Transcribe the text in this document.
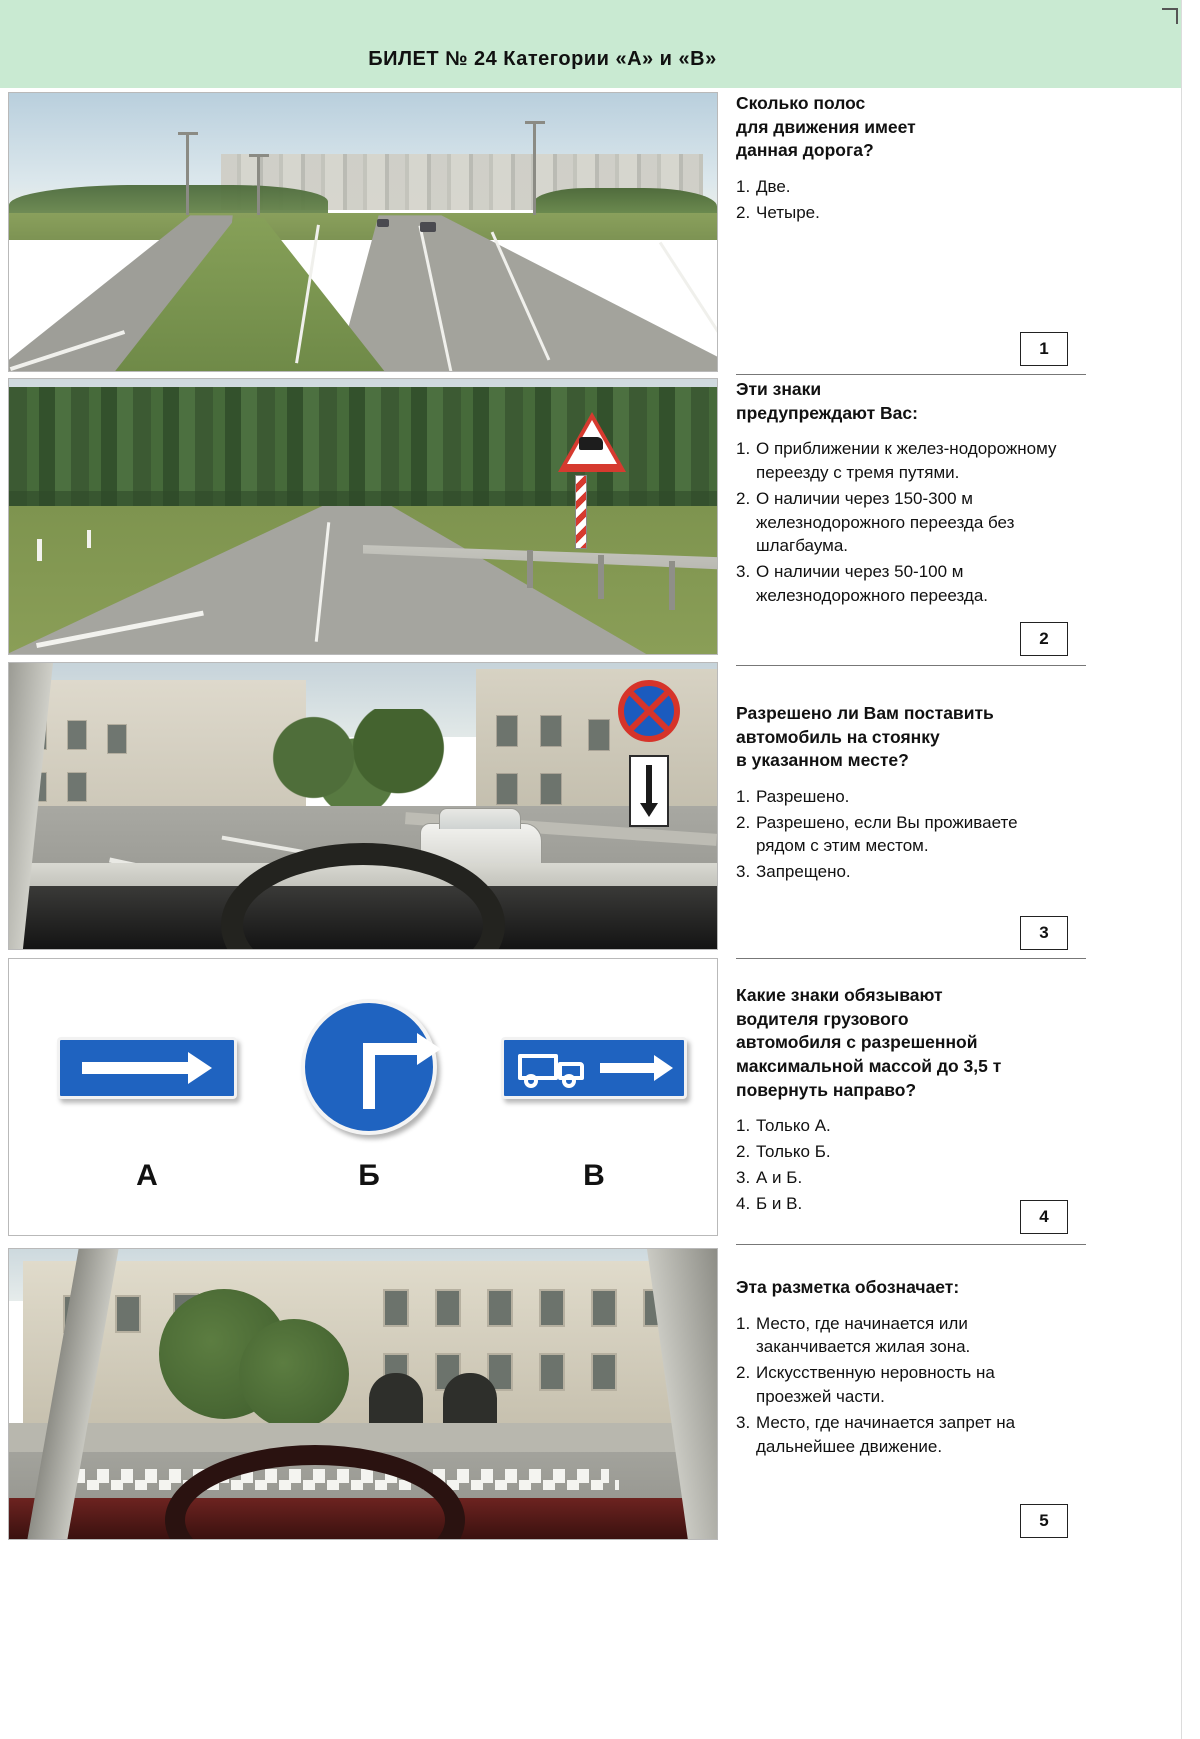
БИЛЕТ № 24 Категории «А» и «В»
Сколько полос
для движения имеет
данная дорога?
1. Две.
2. Четыре.
1
Эти знаки
предупреждают Вас:
1. О приближении к желез-нодорожному переезду с тремя путями.
2. О наличии через 150-300 м железнодорожного переезда без шлагбаума.
3. О наличии через 50-100 м железнодорожного переезда.
2
Разрешено ли Вам поставить
автомобиль на стоянку
в указанном месте?
1. Разрешено.
2. Разрешено, если Вы проживаете рядом с этим местом.
3. Запрещено.
3
А	Б	В
Какие знаки обязывают
водителя грузового
автомобиля с разрешенной
максимальной массой до 3,5 т
повернуть направо?
1. Только А.
2. Только Б.
3. А и Б.
4. Б и В.
4
Эта разметка обозначает:
1. Место, где начинается или заканчивается жилая зона.
2. Искусственную неровность на проезжей части.
3. Место, где начинается запрет на дальнейшее движение.
5
